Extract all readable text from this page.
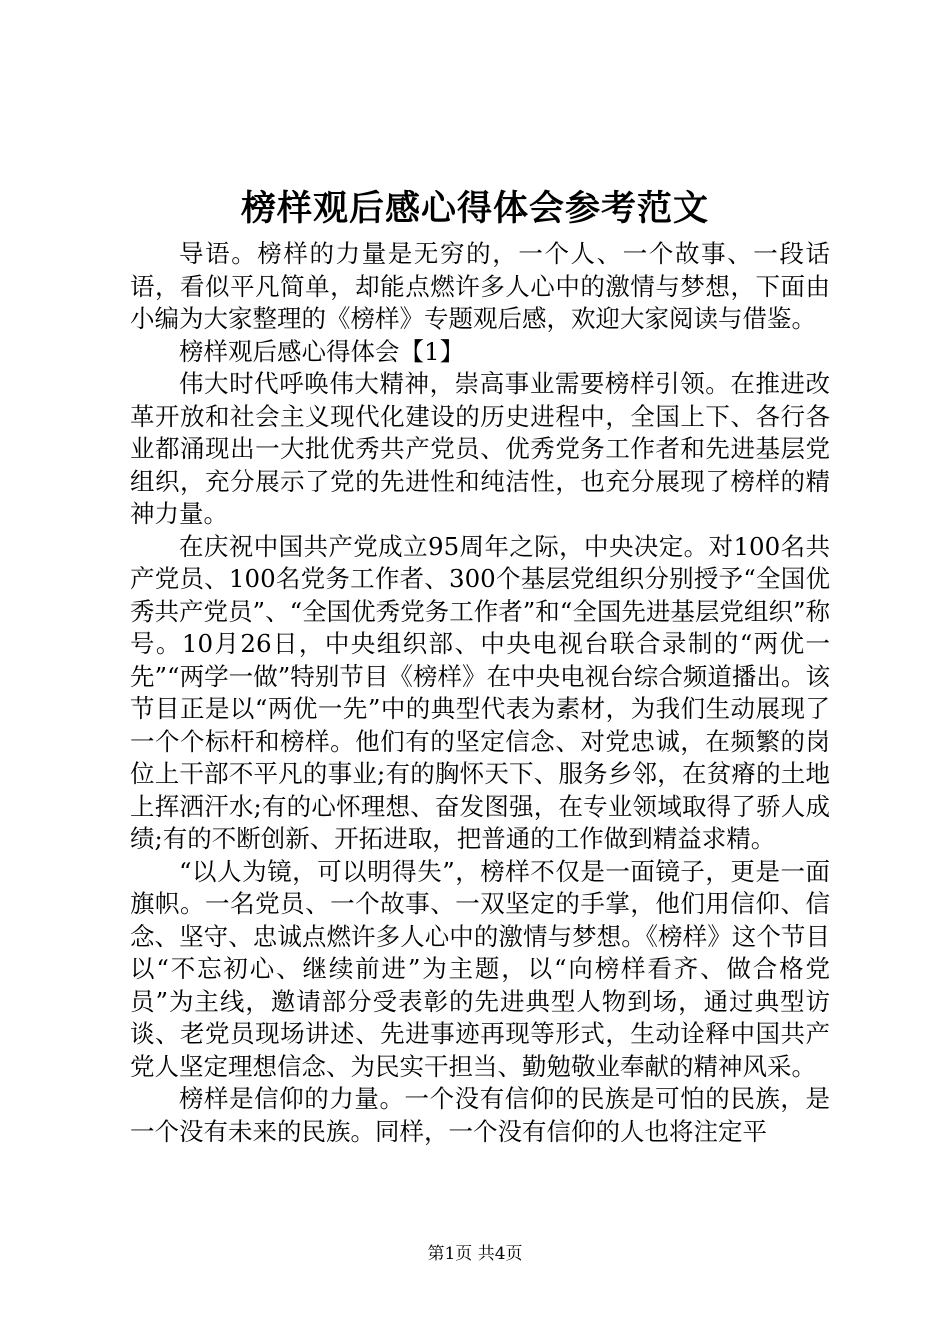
榜样观后感心得体会参考范文

导语。榜样的力量是无穷的，一个人、一个故事、一段话语，看似平凡简单，却能点燃许多人心中的激情与梦想，下面由小编为大家整理的《榜样》专题观后感，欢迎大家阅读与借鉴。

榜样观后感心得体会【1】

伟大时代呼唤伟大精神，崇高事业需要榜样引领。在推进改革开放和社会主义现代化建设的历史进程中，全国上下、各行各业都涌现出一大批优秀共产党员、优秀党务工作者和先进基层党组织，充分展示了党的先进性和纯洁性，也充分展现了榜样的精神力量。

在庆祝中国共产党成立95周年之际，中央决定。对100名共产党员、100名党务工作者、300个基层党组织分别授予“全国优秀共产党员”、“全国优秀党务工作者”和“全国先进基层党组织”称号。10月26日，中央组织部、中央电视台联合录制的“两优一先”“两学一做”特别节目《榜样》在中央电视台综合频道播出。该节目正是以“两优一先”中的典型代表为素材，为我们生动展现了一个个标杆和榜样。他们有的坚定信念、对党忠诚，在频繁的岗位上干部不平凡的事业;有的胸怀天下、服务乡邻，在贫瘠的土地上挥洒汗水;有的心怀理想、奋发图强，在专业领域取得了骄人成绩;有的不断创新、开拓进取，把普通的工作做到精益求精。

“以人为镜，可以明得失”，榜样不仅是一面镜子，更是一面旗帜。一名党员、一个故事、一双坚定的手掌，他们用信仰、信念、坚守、忠诚点燃许多人心中的激情与梦想。《榜样》这个节目以“不忘初心、继续前进”为主题，以“向榜样看齐、做合格党员”为主线，邀请部分受表彰的先进典型人物到场，通过典型访谈、老党员现场讲述、先进事迹再现等形式，生动诠释中国共产党人坚定理想信念、为民实干担当、勤勉敬业奉献的精神风采。

榜样是信仰的力量。一个没有信仰的民族是可怕的民族，是一个没有未来的民族。同样，一个没有信仰的人也将注定平

第1页 共4页
